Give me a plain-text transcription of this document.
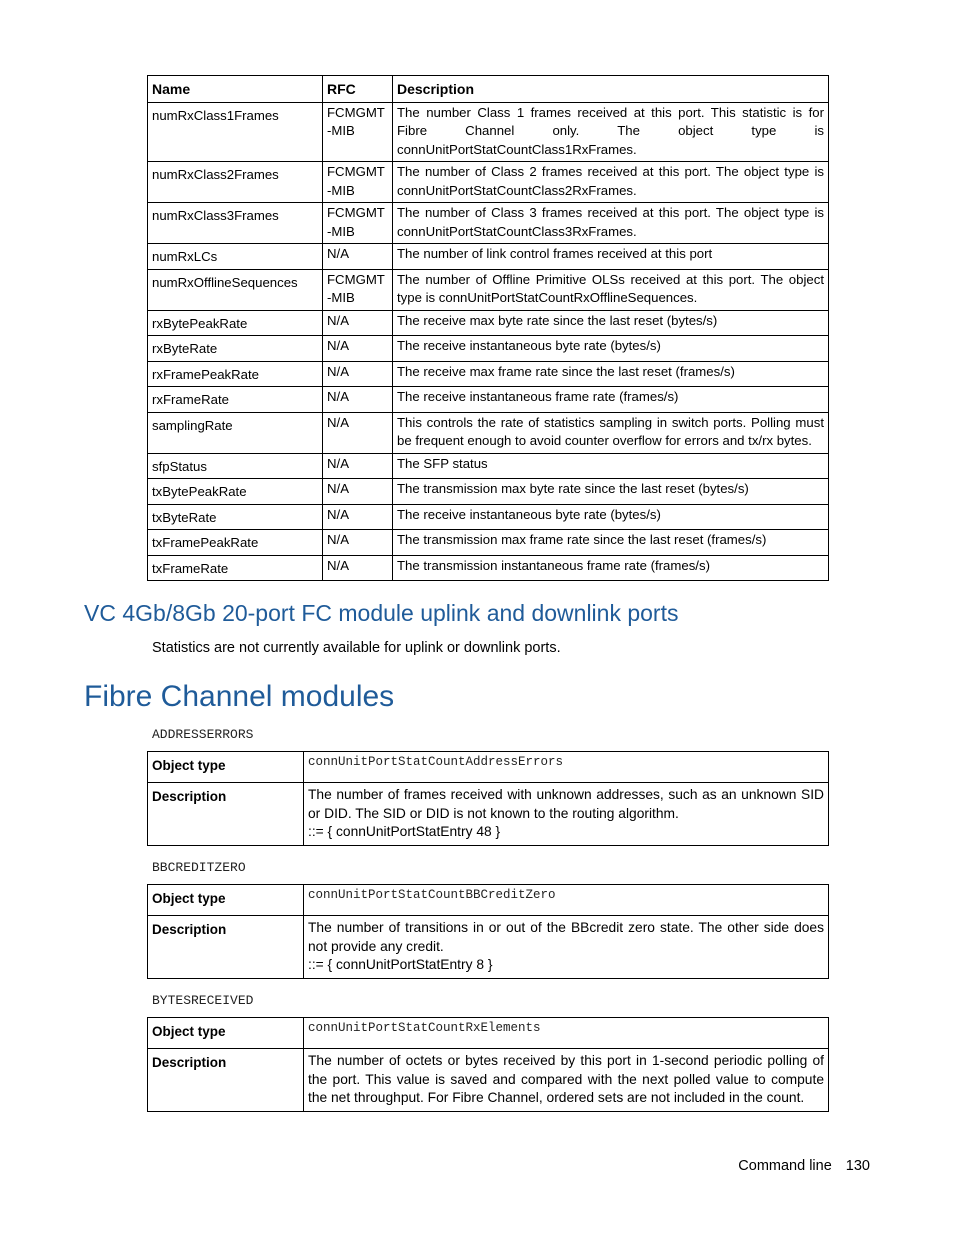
Name	RFC	Description
numRxClass1Frames	FCMGMT -MIB	The number Class 1 frames received at this port. This statistic is for Fibre Channel only. The object type is connUnitPortStatCountClass1RxFrames.
numRxClass2Frames	FCMGMT -MIB	The number of Class 2 frames received at this port. The object type is connUnitPortStatCountClass2RxFrames.
numRxClass3Frames	FCMGMT -MIB	The number of Class 3 frames received at this port. The object type is connUnitPortStatCountClass3RxFrames.
numRxLCs	N/A	The number of link control frames received at this port
numRxOfflineSequences	FCMGMT -MIB	The number of Offline Primitive OLSs received at this port. The object type is connUnitPortStatCountRxOfflineSequences.
rxBytePeakRate	N/A	The receive max byte rate since the last reset (bytes/s)
rxByteRate	N/A	The receive instantaneous byte rate (bytes/s)
rxFramePeakRate	N/A	The receive max frame rate since the last reset (frames/s)
rxFrameRate	N/A	The receive instantaneous frame rate (frames/s)
samplingRate	N/A	This controls the rate of statistics sampling in switch ports. Polling must be frequent enough to avoid counter overflow for errors and tx/rx bytes.
sfpStatus	N/A	The SFP status
txBytePeakRate	N/A	The transmission max byte rate since the last reset (bytes/s)
txByteRate	N/A	The receive instantaneous byte rate (bytes/s)
txFramePeakRate	N/A	The transmission max frame rate since the last reset (frames/s)
txFrameRate	N/A	The transmission instantaneous frame rate (frames/s)
VC 4Gb/8Gb 20-port FC module uplink and downlink ports

Statistics are not currently available for uplink or downlink ports.

Fibre Channel modules

ADDRESSERRORS

Object type	connUnitPortStatCountAddressErrors
Description	The number of frames received with unknown addresses, such as an unknown SID or DID. The SID or DID is not known to the routing algorithm.
::= { connUnitPortStatEntry 48 }

BBCREDITZERO

Object type	connUnitPortStatCountBBCreditZero
Description	The number of transitions in or out of the BBcredit zero state. The other side does not provide any credit.
::= { connUnitPortStatEntry 8 }

BYTESRECEIVED

Object type	connUnitPortStatCountRxElements
Description	The number of octets or bytes received by this port in 1-second periodic polling of the port. This value is saved and compared with the next polled value to compute the net throughput. For Fibre Channel, ordered sets are not included in the count.
Command line 130
